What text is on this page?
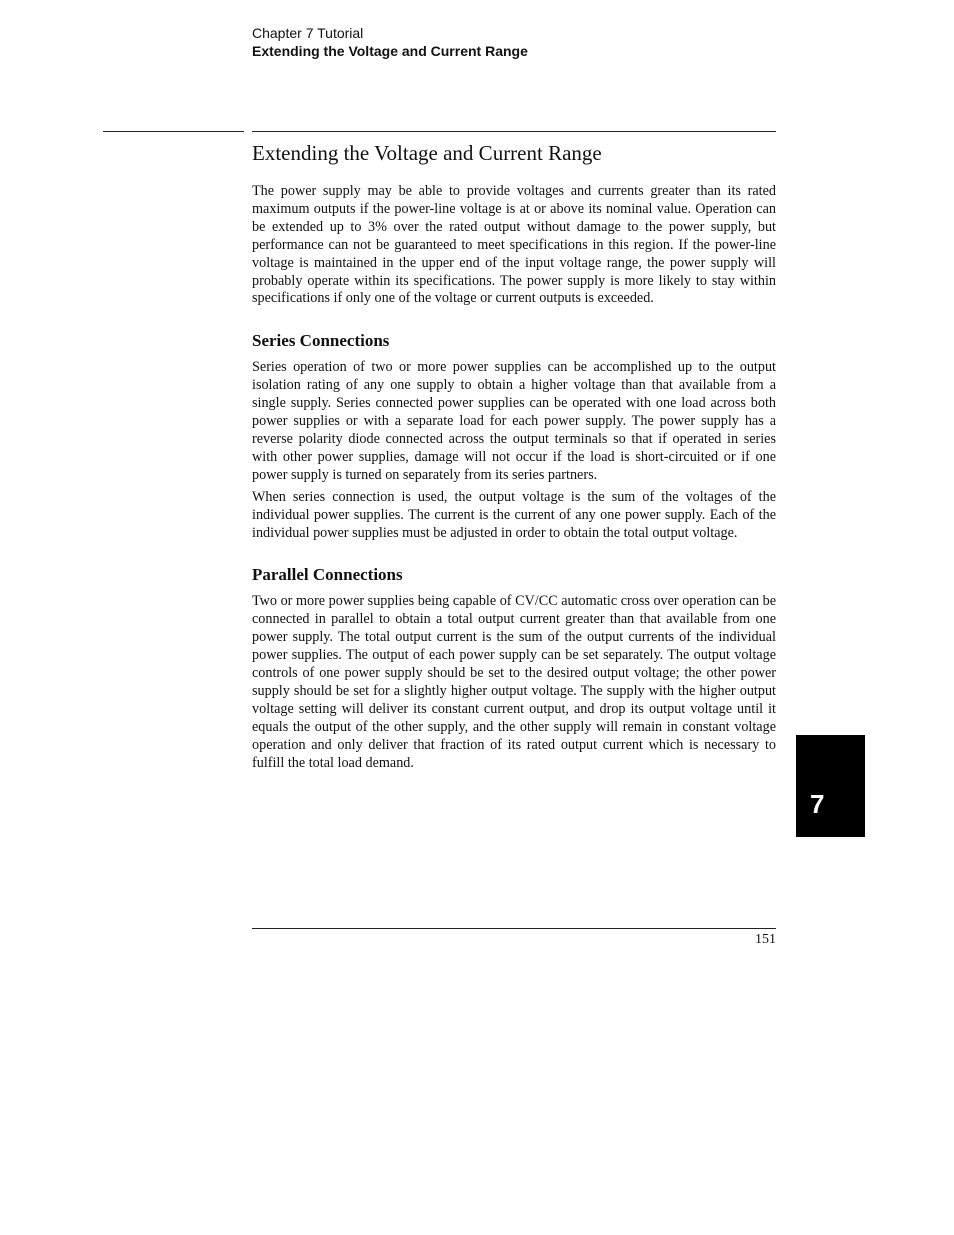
Chapter 7 Tutorial
Extending the Voltage and Current Range
Extending the Voltage and Current Range

The power supply may be able to provide voltages and currents greater than its rated maximum outputs if the power-line voltage is at or above its nominal value. Operation can be extended up to 3% over the rated output without damage to the power supply, but performance can not be guaranteed to meet specifications in this region. If the power-line voltage is maintained in the upper end of the input voltage range, the power supply will probably operate within its specifications. The power supply is more likely to stay within specifications if only one of the voltage or current outputs is exceeded.

Series Connections

Series operation of two or more power supplies can be accomplished up to the output isolation rating of any one supply to obtain a higher voltage than that available from a single supply. Series connected power supplies can be operated with one load across both power supplies or with a separate load for each power supply. The power supply has a reverse polarity diode connected across the output terminals so that if operated in series with other power supplies, damage will not occur if the load is short-circuited or if one power supply is turned on separately from its series partners.

When series connection is used, the output voltage is the sum of the voltages of the individual power supplies. The current is the current of any one power supply. Each of the individual power supplies must be adjusted in order to obtain the total output voltage.

Parallel Connections

Two or more power supplies being capable of CV/CC automatic cross over operation can be connected in parallel to obtain a total output current greater than that available from one power supply. The total output current is the sum of the output currents of the individual power supplies. The output of each power supply can be set separately. The output voltage controls of one power supply should be set to the desired output voltage; the other power supply should be set for a slightly higher output voltage. The supply with the higher output voltage setting will deliver its constant current output, and drop its output voltage until it equals the output of the other supply, and the other supply will remain in constant voltage operation and only deliver that fraction of its rated output current which is necessary to fulfill the total load demand.

151
7
